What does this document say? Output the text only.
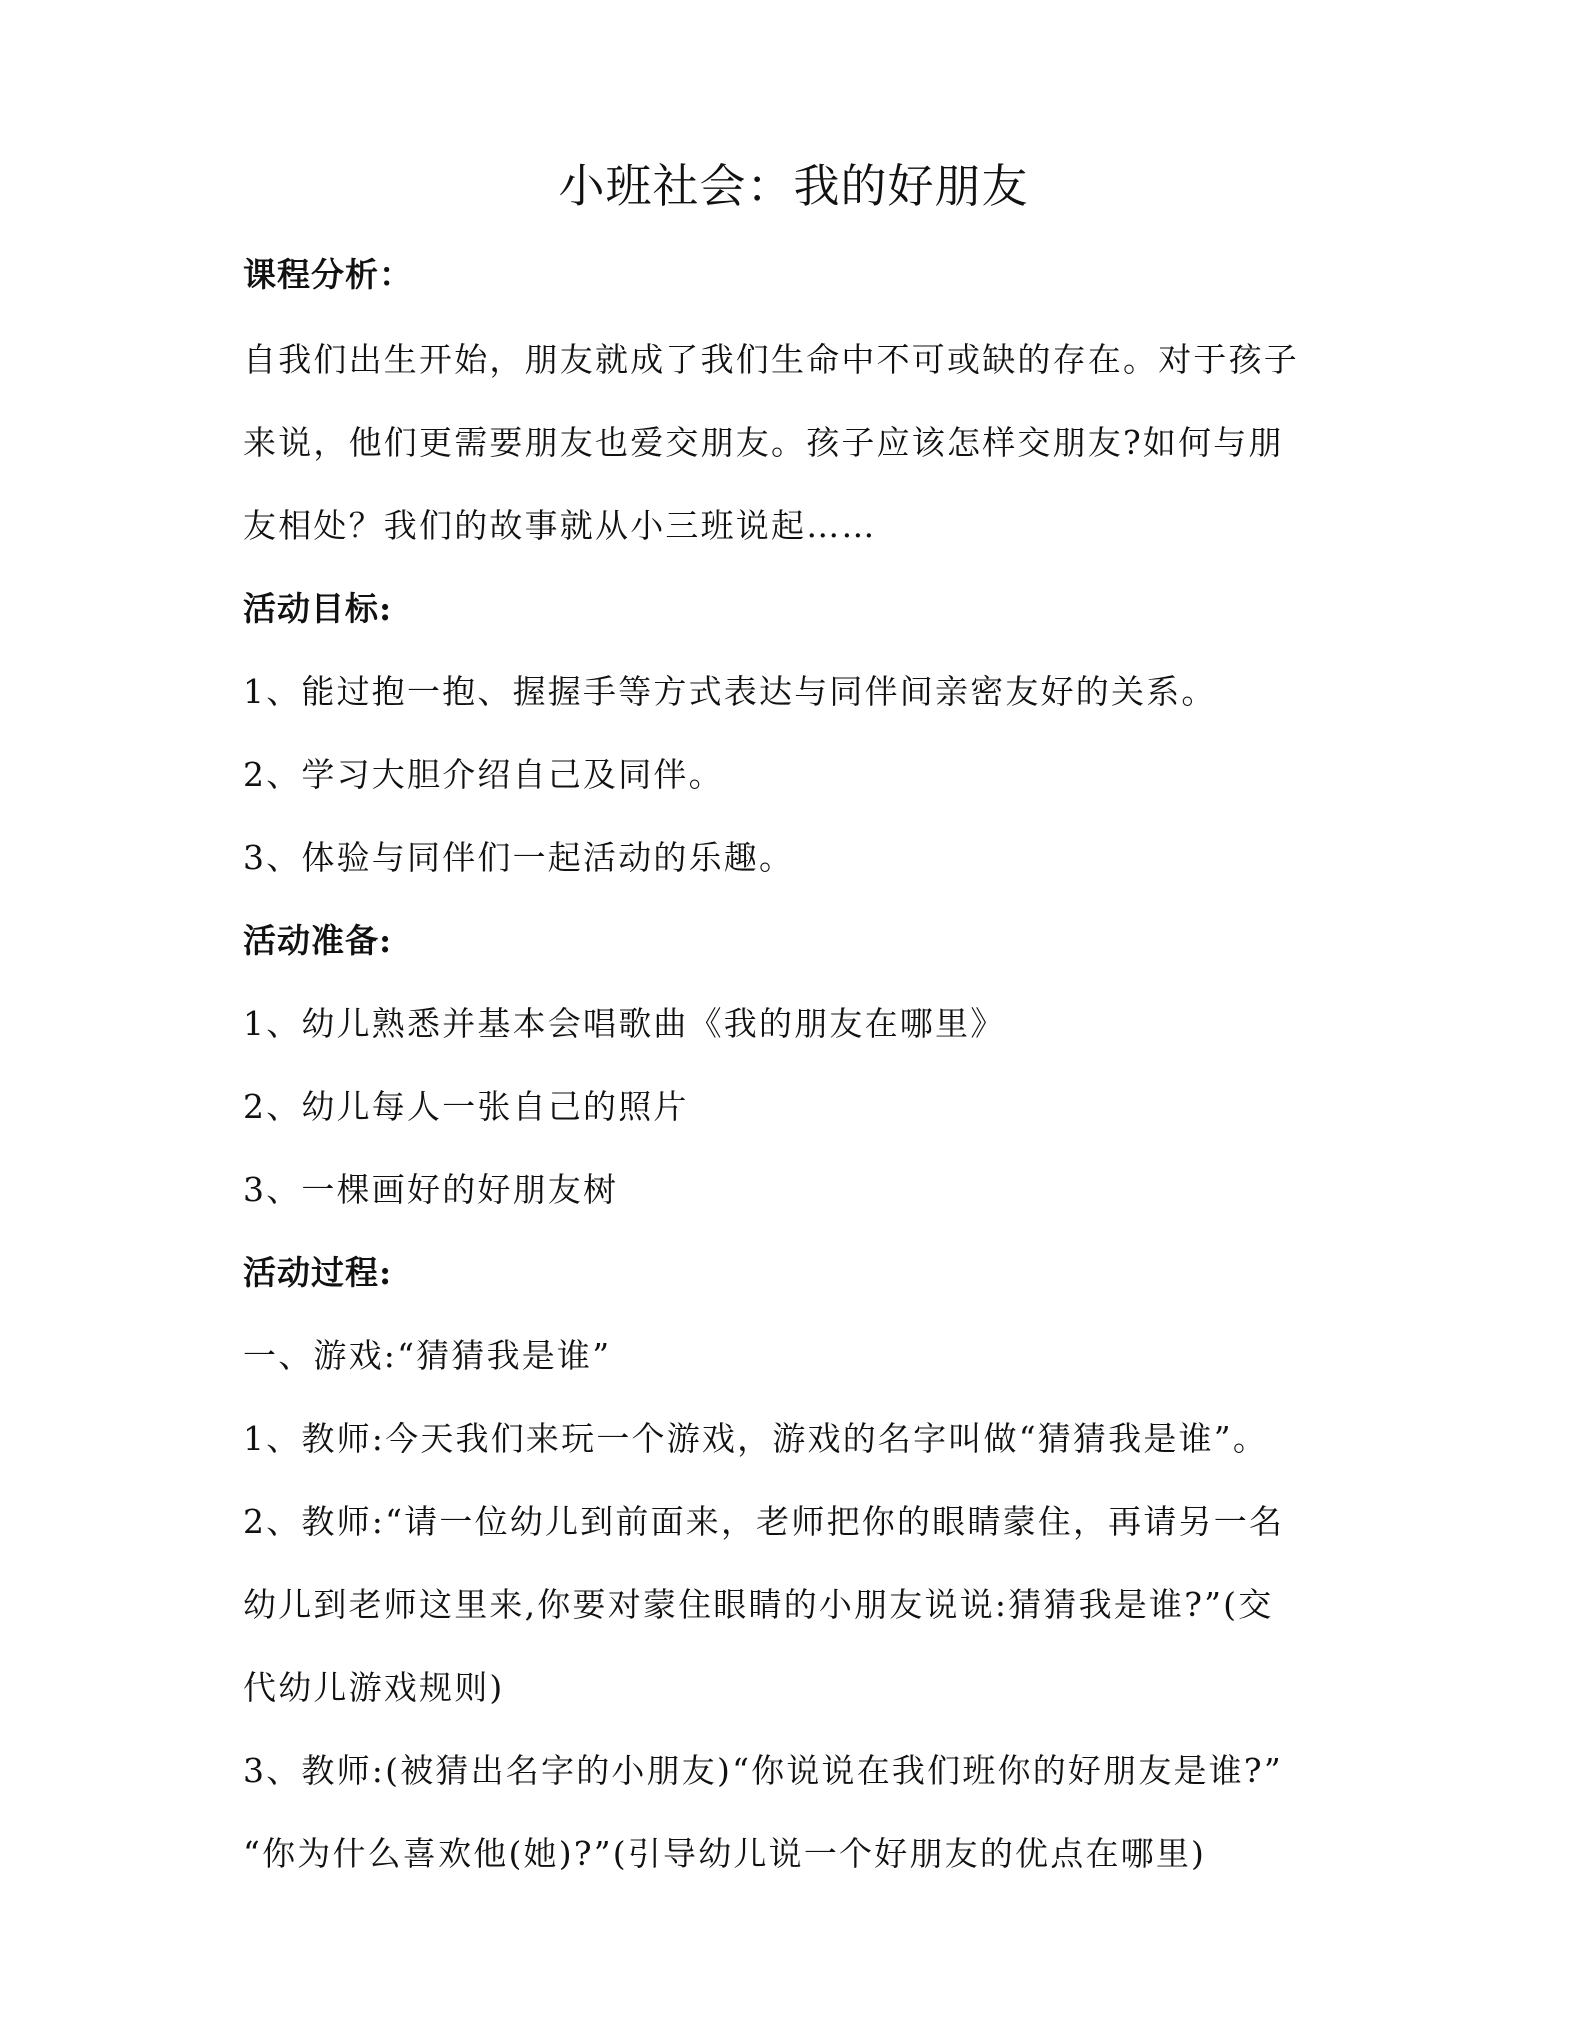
小班社会：我的好朋友
课程分析：
自我们出生开始，朋友就成了我们生命中不可或缺的存在。对于孩子
来说，他们更需要朋友也爱交朋友。孩子应该怎样交朋友?如何与朋
友相处？我们的故事就从小三班说起……
活动目标:
1、能过抱一抱、握握手等方式表达与同伴间亲密友好的关系。
2、学习大胆介绍自己及同伴。
3、体验与同伴们一起活动的乐趣。
活动准备:
1、幼儿熟悉并基本会唱歌曲《我的朋友在哪里》
2、幼儿每人一张自己的照片
3、一棵画好的好朋友树
活动过程:
一、游戏:“猜猜我是谁”
1、教师:今天我们来玩一个游戏，游戏的名字叫做“猜猜我是谁”。
2、教师:“请一位幼儿到前面来，老师把你的眼睛蒙住，再请另一名
幼儿到老师这里来,你要对蒙住眼睛的小朋友说说:猜猜我是谁?”(交
代幼儿游戏规则)
3、教师:(被猜出名字的小朋友)“你说说在我们班你的好朋友是谁?”
“你为什么喜欢他(她)?”(引导幼儿说一个好朋友的优点在哪里)
